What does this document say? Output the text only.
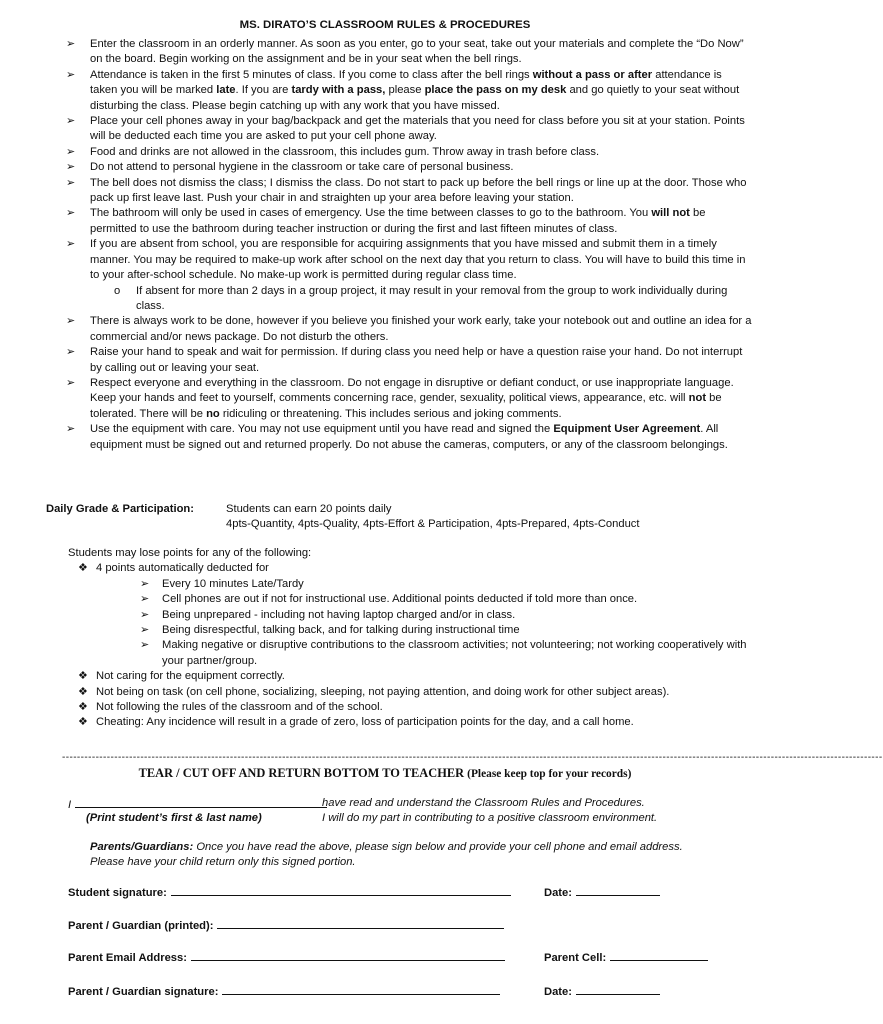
MS. DIRATO’S CLASSROOM RULES & PROCEDURES
➢ Enter the classroom in an orderly manner. As soon as you enter, go to your seat, take out your materials and complete the “Do Now” on the board. Begin working on the assignment and be in your seat when the bell rings.
➢ Attendance is taken in the first 5 minutes of class. If you come to class after the bell rings without a pass or after attendance is taken you will be marked late. If you are tardy with a pass, please place the pass on my desk and go quietly to your seat without disturbing the class. Please begin catching up with any work that you have missed.
➢ Place your cell phones away in your bag/backpack and get the materials that you need for class before you sit at your station. Points will be deducted each time you are asked to put your cell phone away.
➢ Food and drinks are not allowed in the classroom, this includes gum. Throw away in trash before class.
➢ Do not attend to personal hygiene in the classroom or take care of personal business.
➢ The bell does not dismiss the class; I dismiss the class. Do not start to pack up before the bell rings or line up at the door. Those who pack up first leave last. Push your chair in and straighten up your area before leaving your station.
➢ The bathroom will only be used in cases of emergency. Use the time between classes to go to the bathroom. You will not be permitted to use the bathroom during teacher instruction or during the first and last fifteen minutes of class.
➢ If you are absent from school, you are responsible for acquiring assignments that you have missed and submit them in a timely manner. You may be required to make-up work after school on the next day that you return to class. You will have to build this time in to your after-school schedule. No make-up work is permitted during regular class time.
o If absent for more than 2 days in a group project, it may result in your removal from the group to work individually during class.
➢ There is always work to be done, however if you believe you finished your work early, take your notebook out and outline an idea for a commercial and/or news package. Do not disturb the others.
➢ Raise your hand to speak and wait for permission. If during class you need help or have a question raise your hand. Do not interrupt by calling out or leaving your seat.
➢ Respect everyone and everything in the classroom. Do not engage in disruptive or defiant conduct, or use inappropriate language. Keep your hands and feet to yourself, comments concerning race, gender, sexuality, political views, appearance, etc. will not be tolerated. There will be no ridiculing or threatening. This includes serious and joking comments.
➢ Use the equipment with care. You may not use equipment until you have read and signed the Equipment User Agreement. All equipment must be signed out and returned properly. Do not abuse the cameras, computers, or any of the classroom belongings.
Daily Grade & Participation:	Students can earn 20 points daily
4pts-Quantity, 4pts-Quality, 4pts-Effort & Participation, 4pts-Prepared, 4pts-Conduct
Students may lose points for any of the following:
❖ 4 points automatically deducted for
➢ Every 10 minutes Late/Tardy
➢ Cell phones are out if not for instructional use. Additional points deducted if told more than once.
➢ Being unprepared - including not having laptop charged and/or in class.
➢ Being disrespectful, talking back, and for talking during instructional time
➢ Making negative or disruptive contributions to the classroom activities; not volunteering; not working cooperatively with your partner/group.
❖ Not caring for the equipment correctly.
❖ Not being on task (on cell phone, socializing, sleeping, not paying attention, and doing work for other subject areas).
❖ Not following the rules of the classroom and of the school.
❖ Cheating: Any incidence will result in a grade of zero, loss of participation points for the day, and a call home.
----------------------------------------------------------------------------------------------------------------------------------------------------------------------------------------------------------------------------
TEAR / CUT OFF AND RETURN BOTTOM TO TEACHER (Please keep top for your records)
I	have read and understand the Classroom Rules and Procedures.
(Print student’s first & last name)	I will do my part in contributing to a positive classroom environment.
Parents/Guardians: Once you have read the above, please sign below and provide your cell phone and email address. Please have your child return only this signed portion.
Student signature:	Date:
Parent / Guardian (printed):
Parent Email Address:	Parent Cell:
Parent / Guardian signature:	Date:
